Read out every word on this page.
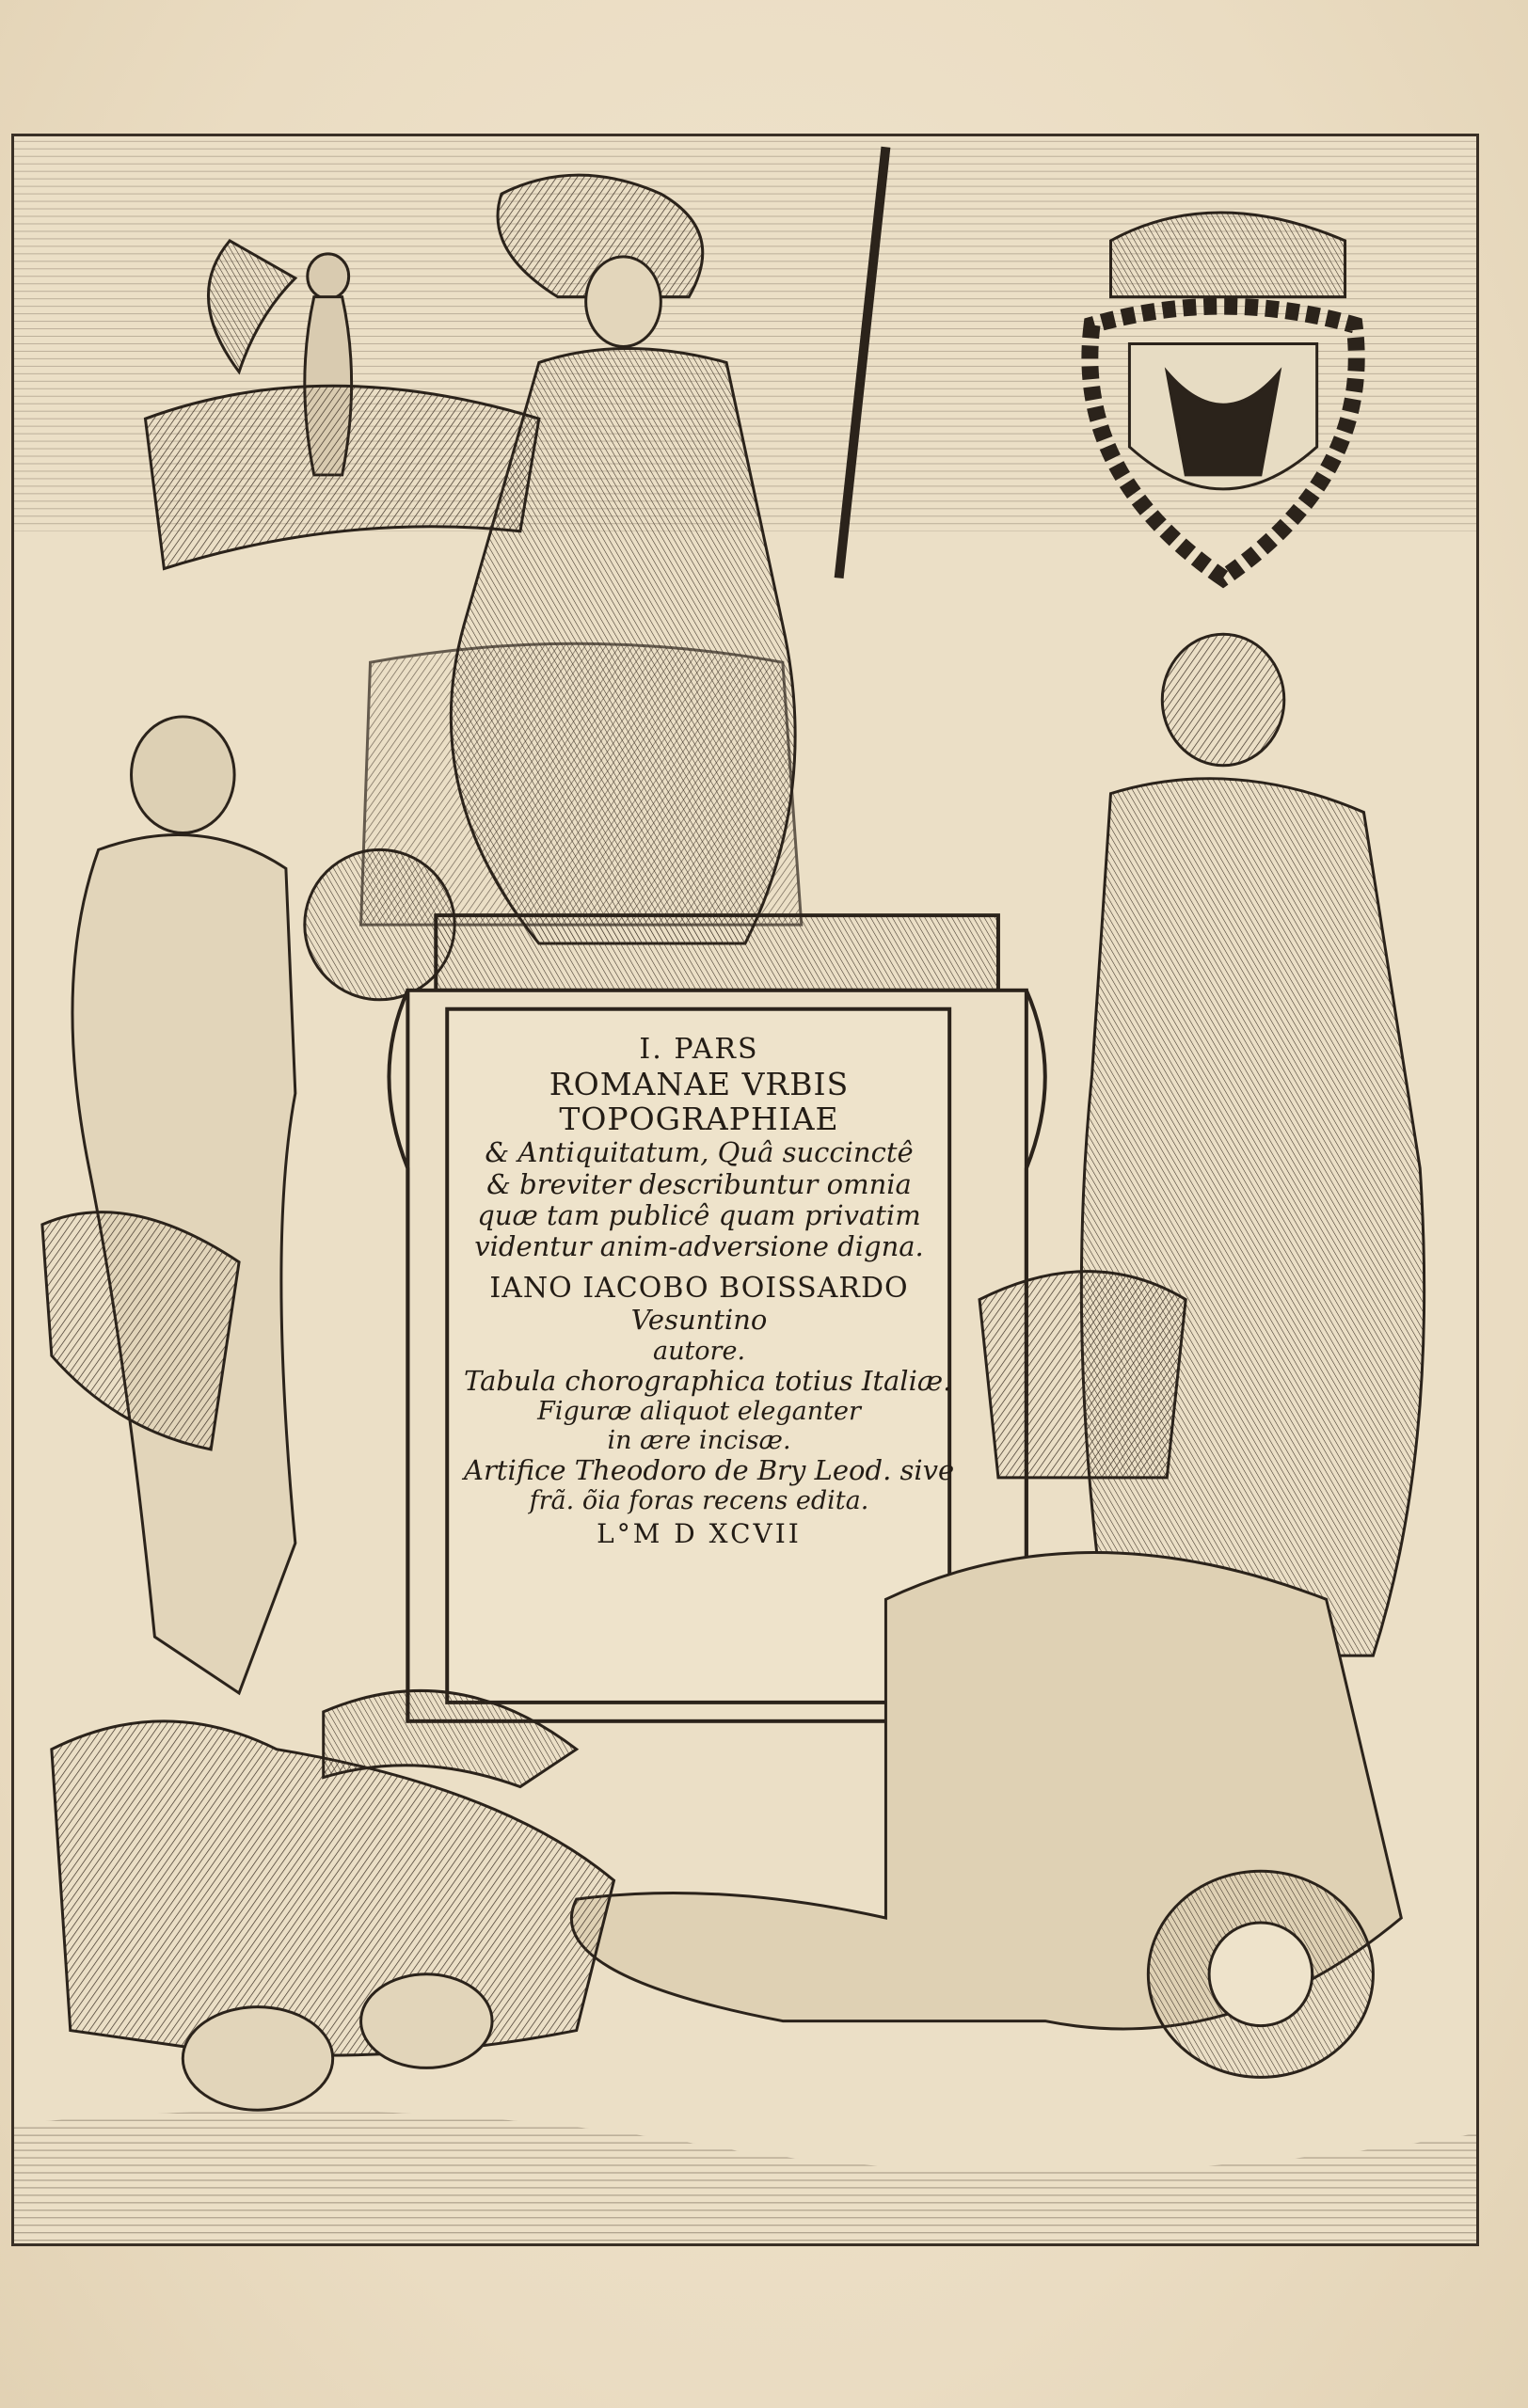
I. PARS
ROMANAE VRBIS
TOPOGRAPHIAE
& Antiquitatum, Quâ succinctê
& breviter describuntur omnia
quæ tam publicê quam privatim
videntur anim-adversione digna.
IANO IACOBO BOISSARDO
Vesuntino
autore.
Tabula chorographica totius Italiæ.
Figuræ aliquot eleganter
in ære incisæ.
Artifice Theodoro de Bry Leod. sive
frã. õia foras recens edita.
L°M D XCVII
